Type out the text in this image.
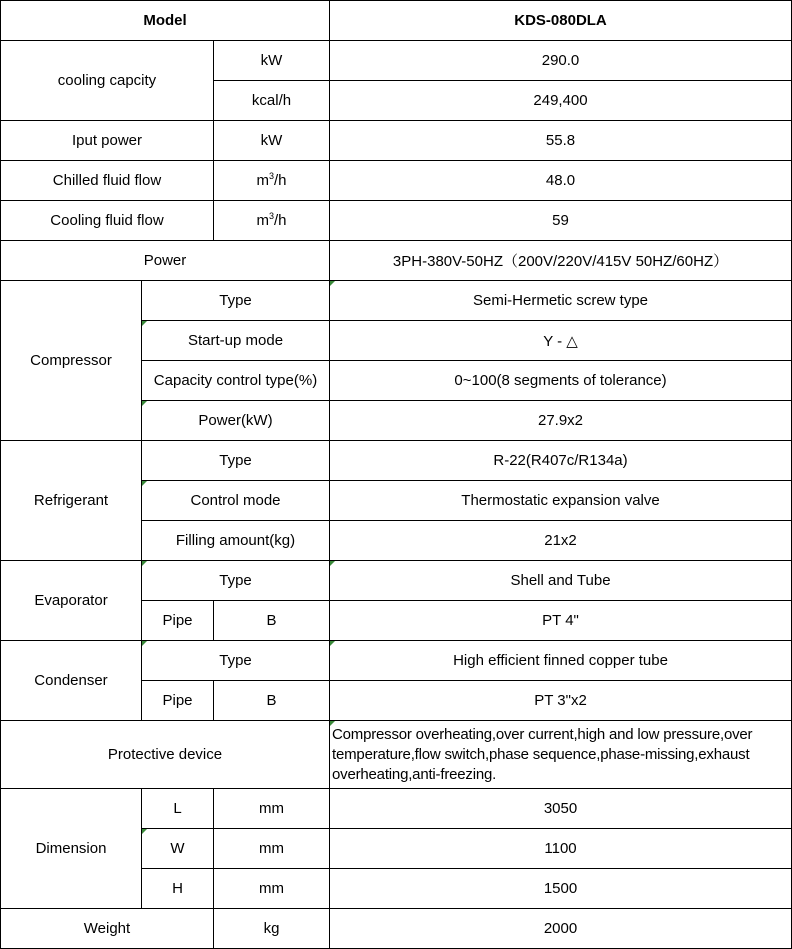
Model			KDS-080DLA
cooling capcity		kW	290.0
		kcal/h	249,400
Iput power		kW	55.8
Chilled fluid flow		$m^3/h$	48.0
Cooling fluid flow		$m^3/h$	59
Power			3PH-380V-50HZ（200V/220V/415V 50HZ/60HZ）
Compressor	Type		Semi-Hermetic screw type
	Start-up mode		Y - △
	Capacity control type(%)		0~100(8 segments of tolerance)
	Power(kW)		27.9x2
Refrigerant	Type		R-22(R407c/R134a)
	Control mode		Thermostatic expansion valve
	Filling amount(kg)		21x2
Evaporator	Type		Shell and Tube
	Pipe	B	PT 4"
Condenser	Type		High efficient finned copper tube
	Pipe	B	PT 3"x2
Protective device			Compressor overheating,over current,high and low pressure,over temperature,flow switch,phase sequence,phase-missing,exhaust overheating,anti-freezing.
Dimension	L	mm	3050
	W	mm	1100
	H	mm	1500
Weight		kg	2000
